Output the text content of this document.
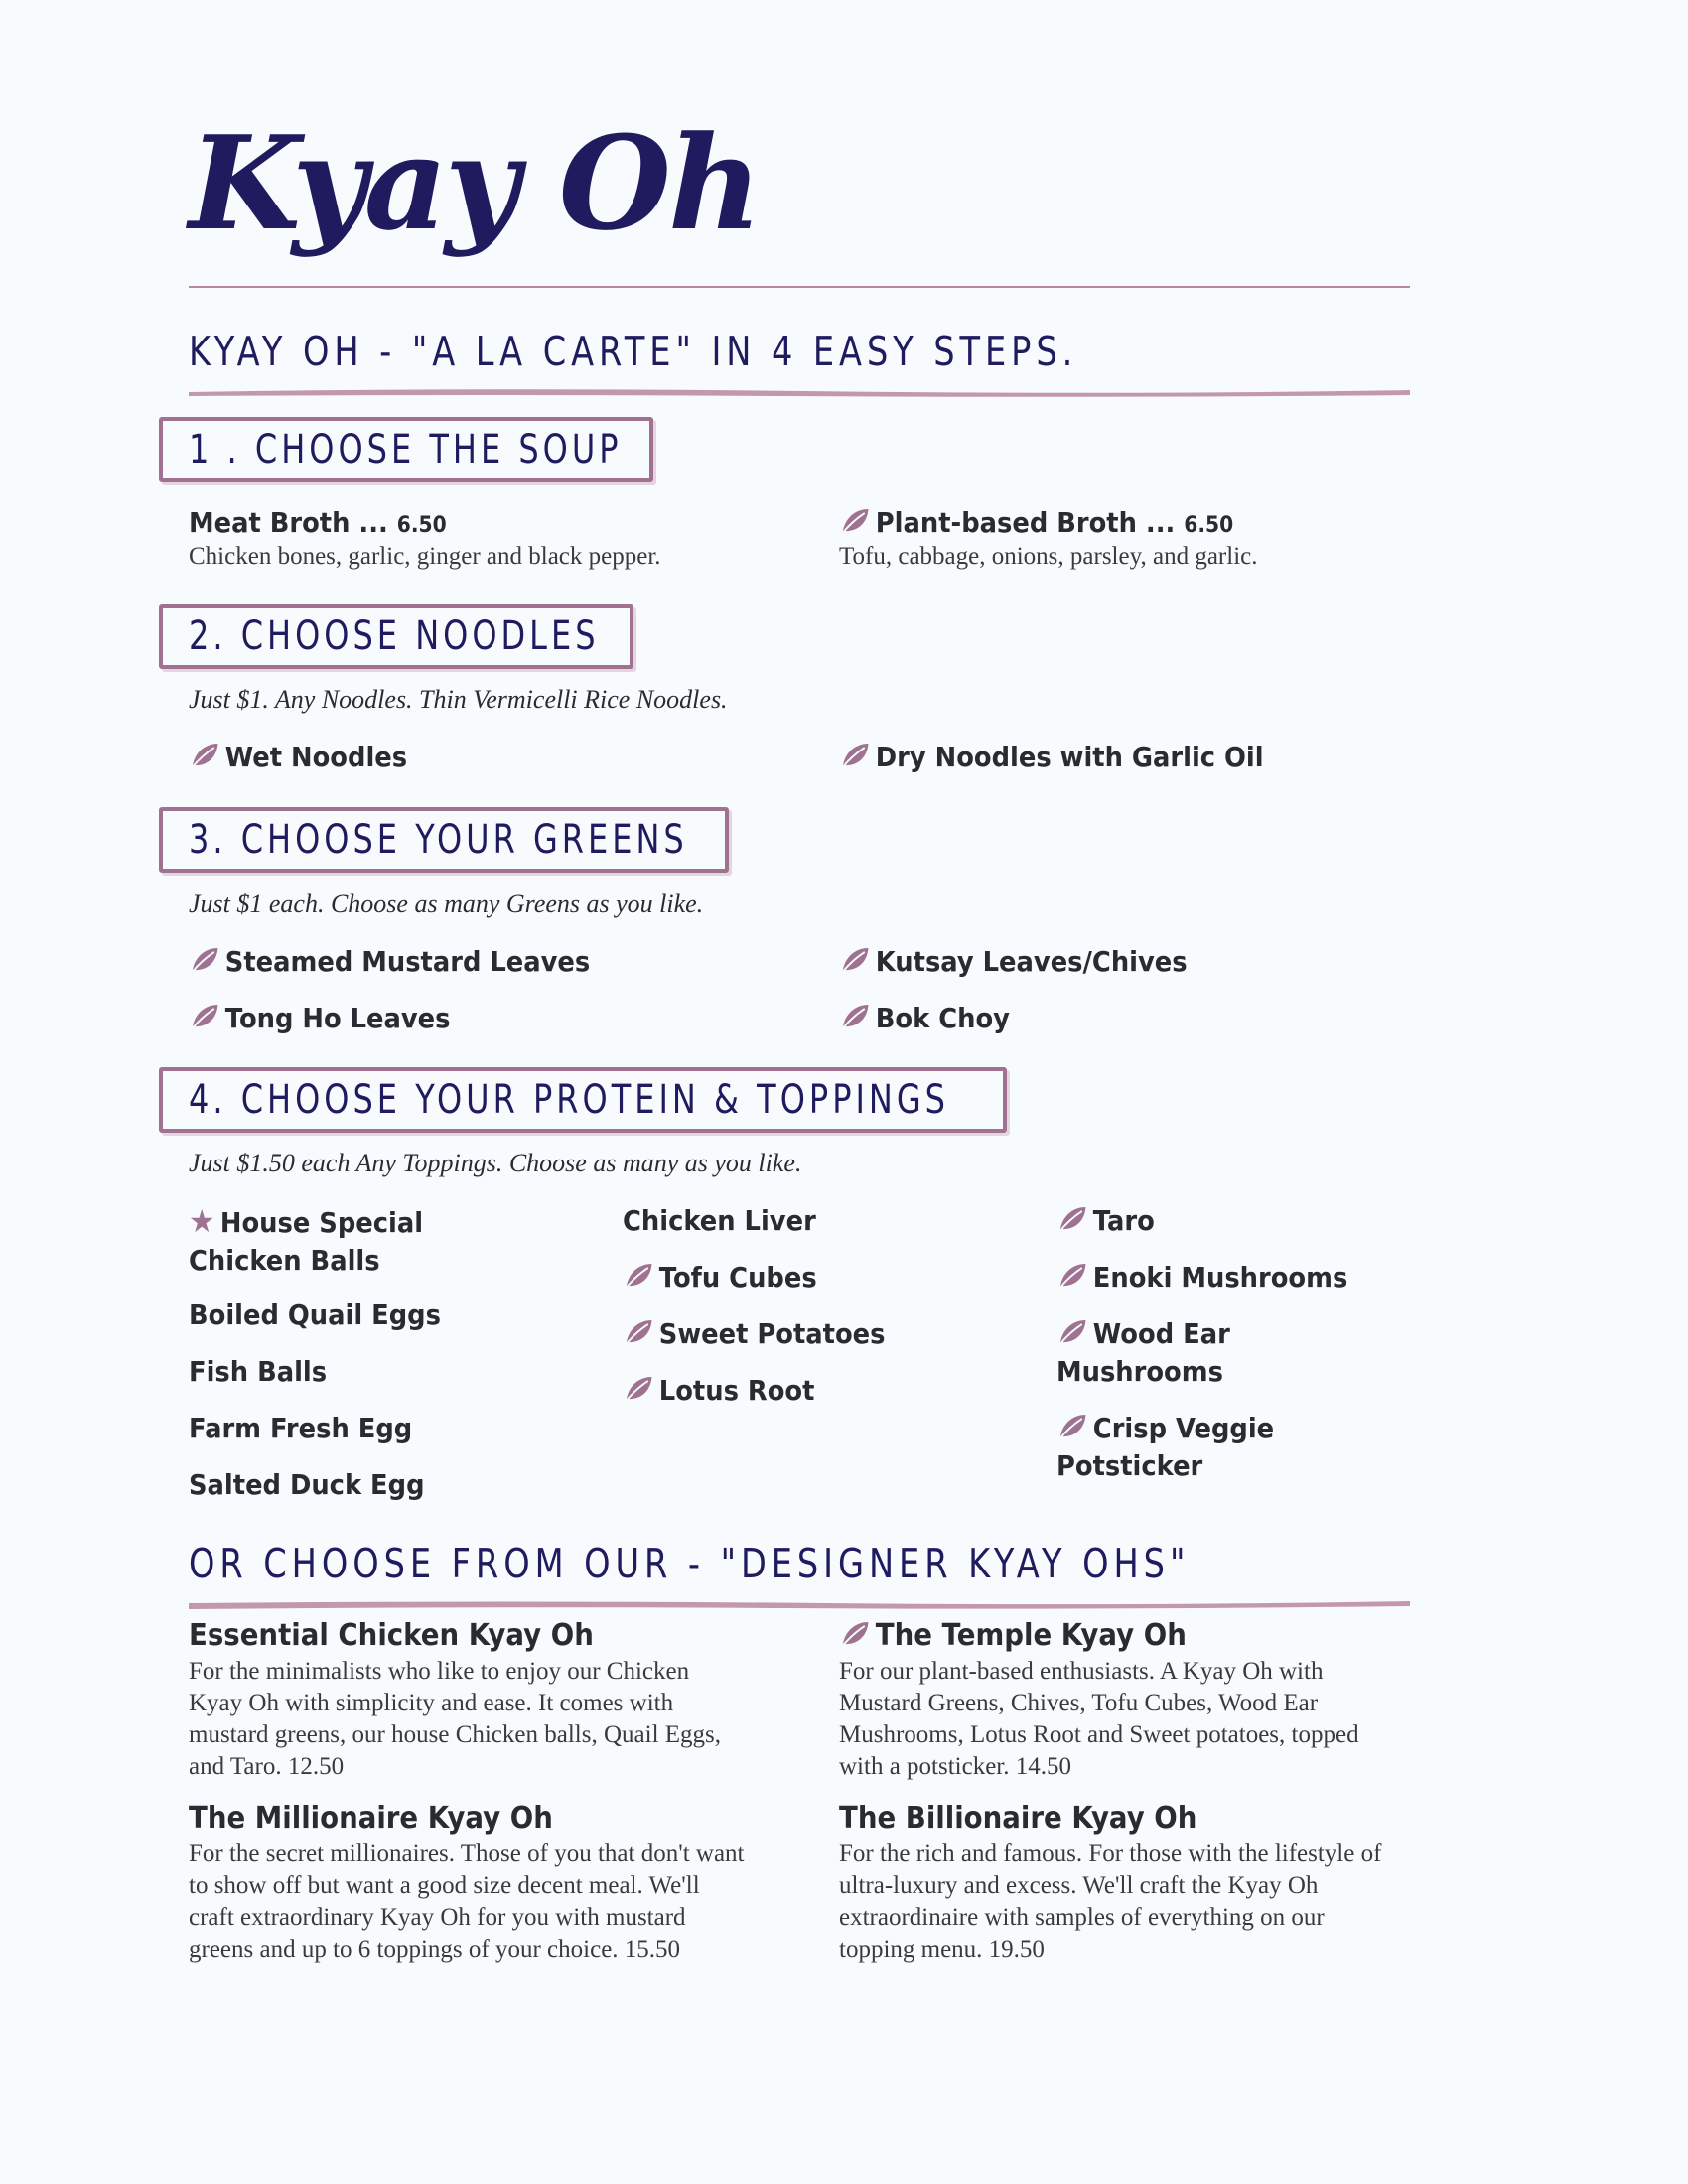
Kyay Oh
KYAY OH - "A LA CARTE" IN 4 EASY STEPS.
1 . CHOOSE THE SOUP
Meat Broth ... 6.50
Chicken bones, garlic, ginger and black pepper.
Plant-based Broth ... 6.50
Tofu, cabbage, onions, parsley, and garlic.
2. CHOOSE NOODLES
Just $1. Any Noodles. Thin Vermicelli Rice Noodles.
Wet Noodles	Dry Noodles with Garlic Oil
3. CHOOSE YOUR GREENS
Just $1 each. Choose as many Greens as you like.
Steamed Mustard Leaves	Kutsay Leaves/Chives
Tong Ho Leaves	Bok Choy
4. CHOOSE YOUR PROTEIN & TOPPINGS
Just $1.50 each Any Toppings. Choose as many as you like.
★ House Special Chicken Balls
Boiled Quail Eggs
Fish Balls
Farm Fresh Egg
Salted Duck Egg
Chicken Liver
Tofu Cubes
Sweet Potatoes
Lotus Root
Taro
Enoki Mushrooms
Wood Ear Mushrooms
Crisp Veggie Potsticker
OR CHOOSE FROM OUR - "DESIGNER KYAY OHS"
Essential Chicken Kyay Oh
For the minimalists who like to enjoy our Chicken Kyay Oh with simplicity and ease. It comes with mustard greens, our house Chicken balls, Quail Eggs, and Taro. 12.50
The Temple Kyay Oh
For our plant-based enthusiasts. A Kyay Oh with Mustard Greens, Chives, Tofu Cubes, Wood Ear Mushrooms, Lotus Root and Sweet potatoes, topped with a potsticker. 14.50
The Millionaire Kyay Oh
For the secret millionaires. Those of you that don't want to show off but want a good size decent meal. We'll craft extraordinary Kyay Oh for you with mustard greens and up to 6 toppings of your choice. 15.50
The Billionaire Kyay Oh
For the rich and famous. For those with the lifestyle of ultra-luxury and excess. We'll craft the Kyay Oh extraordinaire with samples of everything on our topping menu. 19.50
